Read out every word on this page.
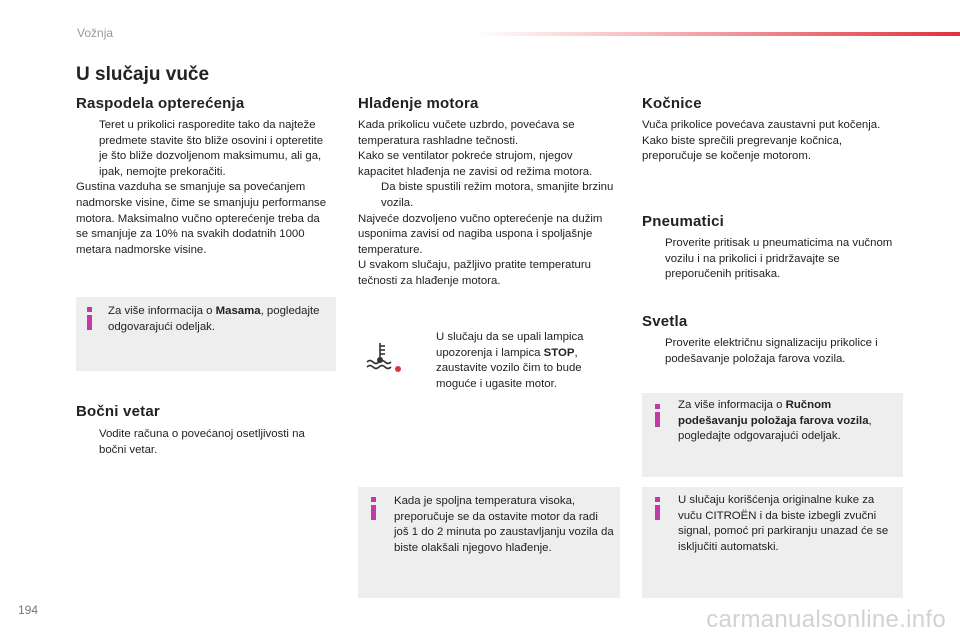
Vožnja
U slučaju vuče
Raspodela opterećenja
Teret u prikolici rasporedite tako da najteže predmete stavite što bliže osovini i opteretite je što bliže dozvoljenom maksimumu, ali ga, ipak, nemojte prekoračiti.

Gustina vazduha se smanjuje sa povećanjem nadmorske visine, čime se smanjuju performanse motora. Maksimalno vučno opterećenje treba da se smanjuje za 10% na svakih dodatnih 1000 metara nadmorske visine.

Za više informacija o Masama, pogledajte odgovarajući odeljak.
Bočni vetar
Vodite računa o povećanoj osetljivosti na bočni vetar.
Hlađenje motora

Kada prikolicu vučete uzbrdo, povećava se temperatura rashladne tečnosti.

Kako se ventilator pokreće strujom, njegov kapacitet hlađenja ne zavisi od režima motora.

Da biste spustili režim motora, smanjite brzinu vozila.

Najveće dozvoljeno vučno opterećenje na dužim usponima zavisi od nagiba uspona i spoljašnje temperature.

U svakom slučaju, pažljivo pratite temperaturu tečnosti za hlađenje motora.

U slučaju da se upali lampica upozorenja i lampica STOP, zaustavite vozilo čim to bude moguće i ugasite motor.
Kada je spoljna temperatura visoka, preporučuje se da ostavite motor da radi još 1 do 2 minuta po zaustavljanju vozila da biste olakšali njegovo hlađenje.
Kočnice
Vuča prikolice povećava zaustavni put kočenja. Kako biste sprečili pregrevanje kočnica, preporučuje se kočenje motorom.
Pneumatici
Proverite pritisak u pneumaticima na vučnom vozilu i na prikolici i pridržavajte se preporučenih pritisaka.
Svetla
Proverite električnu signalizaciju prikolice i podešavanje položaja farova vozila.
Za više informacija o Ručnom podešavanju položaja farova vozila, pogledajte odgovarajući odeljak.
U slučaju korišćenja originalne kuke za vuču CITROËN i da biste izbegli zvučni signal, pomoć pri parkiranju unazad će se isključiti automatski.
194	carmanualsonline.info
